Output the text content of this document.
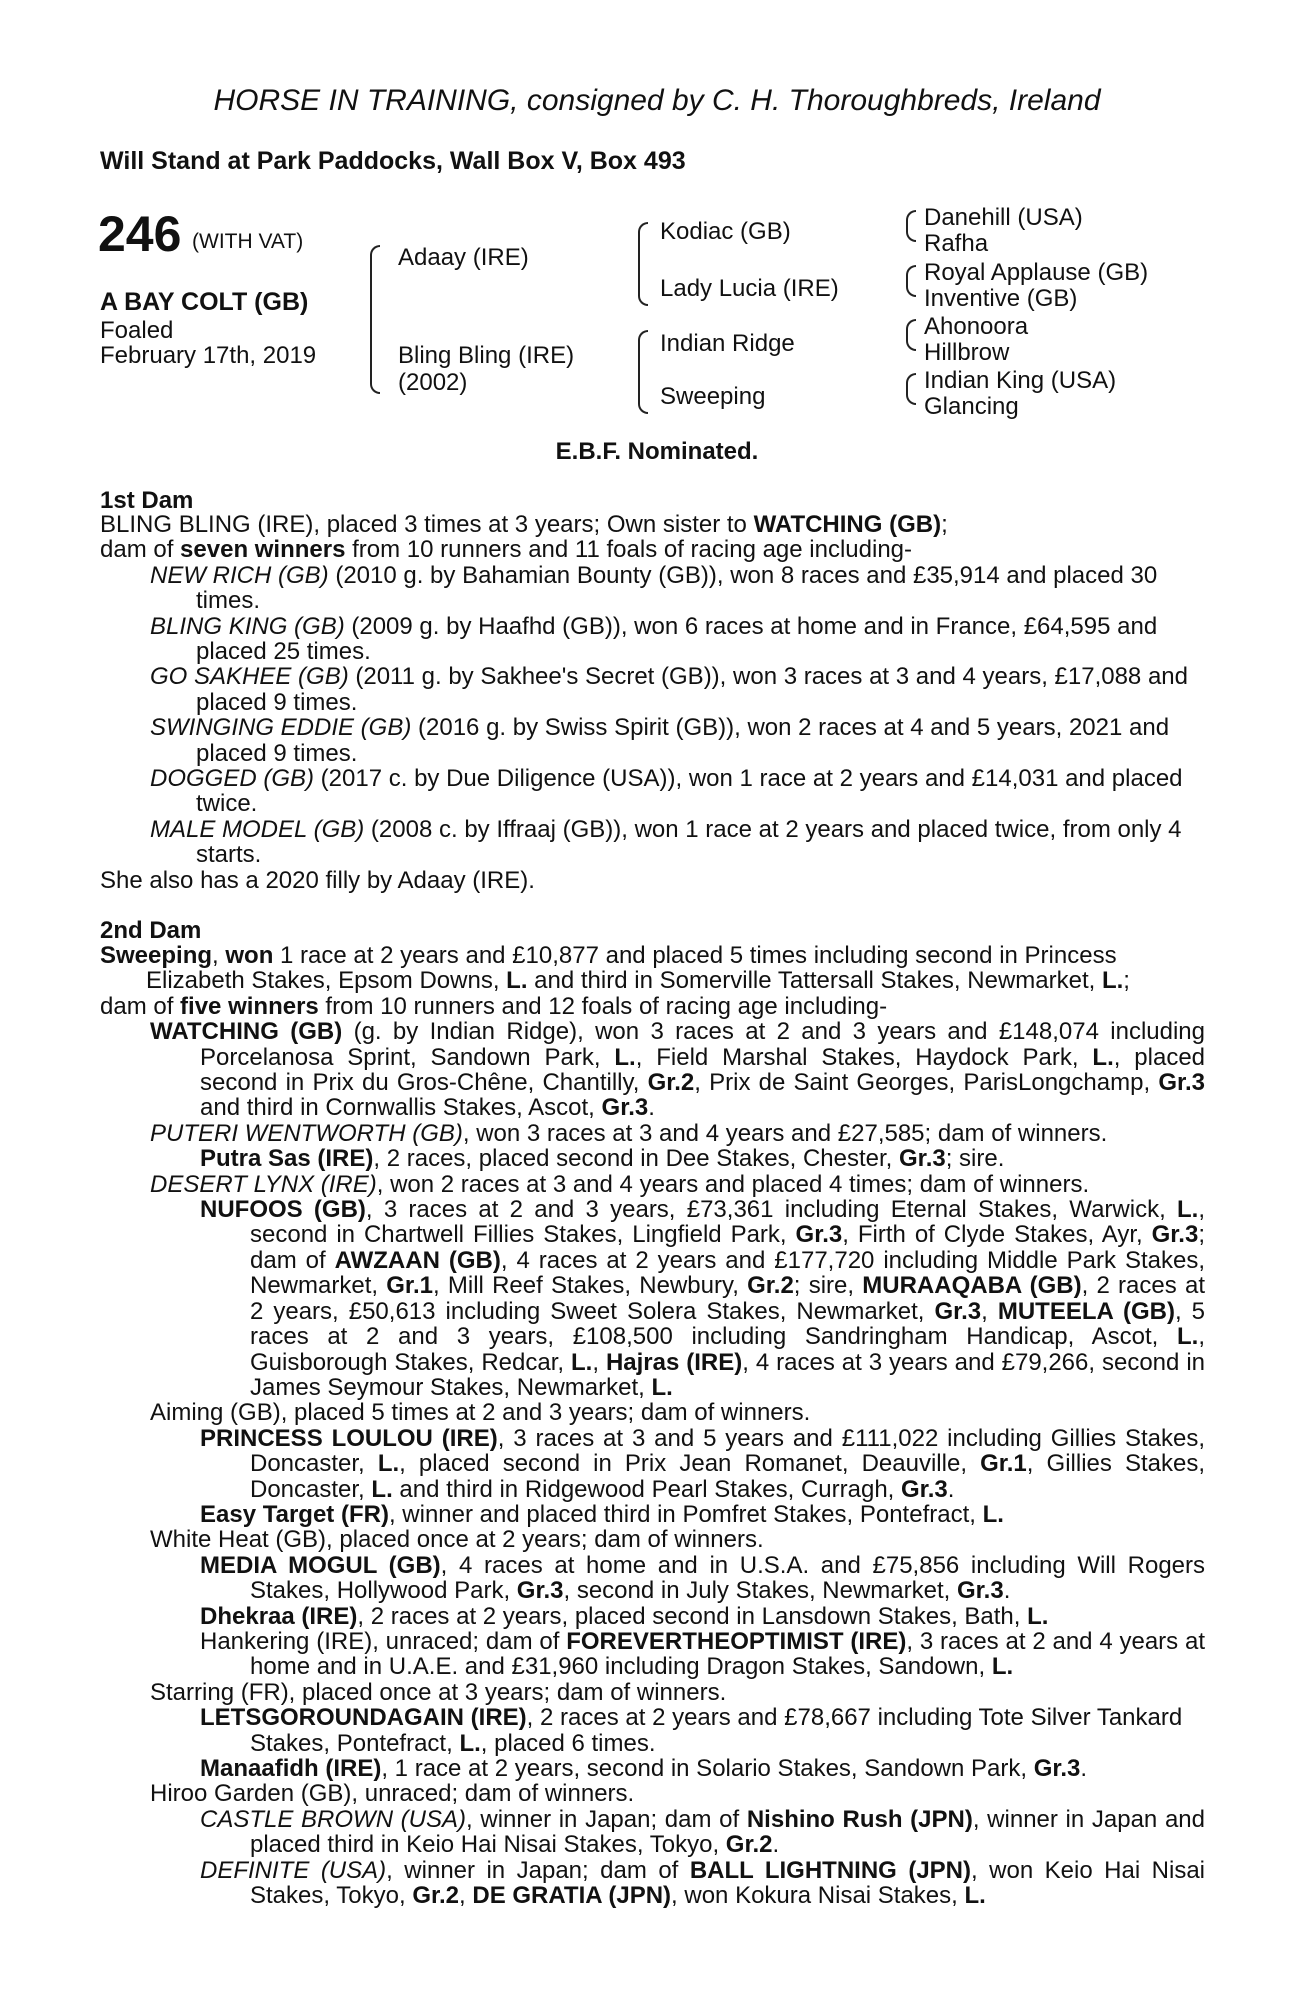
HORSE IN TRAINING, consigned by C. H. Thoroughbreds, Ireland
Will Stand at Park Paddocks, Wall Box V, Box 493
246 (WITH VAT)
A BAY COLT (GB)
Foaled
February 17th, 2019
Adaay (IRE)
Bling Bling (IRE)
(2002)
Kodiac (GB)
Lady Lucia (IRE)
Indian Ridge
Sweeping
Danehill (USA)
Rafha
Royal Applause (GB)
Inventive (GB)
Ahonoora
Hillbrow
Indian King (USA)
Glancing
E.B.F. Nominated.
1st Dam

BLING BLING (IRE), placed 3 times at 3 years; Own sister to WATCHING (GB);

dam of seven winners from 10 runners and 11 foals of racing age including-

NEW RICH (GB) (2010 g. by Bahamian Bounty (GB)), won 8 races and £35,914 and placed 30 times.

BLING KING (GB) (2009 g. by Haafhd (GB)), won 6 races at home and in France, £64,595 and placed 25 times.

GO SAKHEE (GB) (2011 g. by Sakhee's Secret (GB)), won 3 races at 3 and 4 years, £17,088 and placed 9 times.

SWINGING EDDIE (GB) (2016 g. by Swiss Spirit (GB)), won 2 races at 4 and 5 years, 2021 and placed 9 times.

DOGGED (GB) (2017 c. by Due Diligence (USA)), won 1 race at 2 years and £14,031 and placed twice.

MALE MODEL (GB) (2008 c. by Iffraaj (GB)), won 1 race at 2 years and placed twice, from only 4 starts.

She also has a 2020 filly by Adaay (IRE).

2nd Dam

Sweeping, won 1 race at 2 years and £10,877 and placed 5 times including second in Princess Elizabeth Stakes, Epsom Downs, L. and third in Somerville Tattersall Stakes, Newmarket, L.;

dam of five winners from 10 runners and 12 foals of racing age including-

WATCHING (GB) (g. by Indian Ridge), won 3 races at 2 and 3 years and £148,074 including Porcelanosa Sprint, Sandown Park, L., Field Marshal Stakes, Haydock Park, L., placed second in Prix du Gros-Chêne, Chantilly, Gr.2, Prix de Saint Georges, ParisLongchamp, Gr.3 and third in Cornwallis Stakes, Ascot, Gr.3.

PUTERI WENTWORTH (GB), won 3 races at 3 and 4 years and £27,585; dam of winners.

Putra Sas (IRE), 2 races, placed second in Dee Stakes, Chester, Gr.3; sire.

DESERT LYNX (IRE), won 2 races at 3 and 4 years and placed 4 times; dam of winners.

NUFOOS (GB), 3 races at 2 and 3 years, £73,361 including Eternal Stakes, Warwick, L., second in Chartwell Fillies Stakes, Lingfield Park, Gr.3, Firth of Clyde Stakes, Ayr, Gr.3; dam of AWZAAN (GB), 4 races at 2 years and £177,720 including Middle Park Stakes, Newmarket, Gr.1, Mill Reef Stakes, Newbury, Gr.2; sire, MURAAQABA (GB), 2 races at 2 years, £50,613 including Sweet Solera Stakes, Newmarket, Gr.3, MUTEELA (GB), 5 races at 2 and 3 years, £108,500 including Sandringham Handicap, Ascot, L., Guisborough Stakes, Redcar, L., Hajras (IRE), 4 races at 3 years and £79,266, second in James Seymour Stakes, Newmarket, L.

Aiming (GB), placed 5 times at 2 and 3 years; dam of winners.

PRINCESS LOULOU (IRE), 3 races at 3 and 5 years and £111,022 including Gillies Stakes, Doncaster, L., placed second in Prix Jean Romanet, Deauville, Gr.1, Gillies Stakes, Doncaster, L. and third in Ridgewood Pearl Stakes, Curragh, Gr.3.

Easy Target (FR), winner and placed third in Pomfret Stakes, Pontefract, L.

White Heat (GB), placed once at 2 years; dam of winners.

MEDIA MOGUL (GB), 4 races at home and in U.S.A. and £75,856 including Will Rogers Stakes, Hollywood Park, Gr.3, second in July Stakes, Newmarket, Gr.3.

Dhekraa (IRE), 2 races at 2 years, placed second in Lansdown Stakes, Bath, L.

Hankering (IRE), unraced; dam of FOREVERTHEOPTIMIST (IRE), 3 races at 2 and 4 years at home and in U.A.E. and £31,960 including Dragon Stakes, Sandown, L.

Starring (FR), placed once at 3 years; dam of winners.

LETSGOROUNDAGAIN (IRE), 2 races at 2 years and £78,667 including Tote Silver Tankard Stakes, Pontefract, L., placed 6 times.

Manaafidh (IRE), 1 race at 2 years, second in Solario Stakes, Sandown Park, Gr.3.

Hiroo Garden (GB), unraced; dam of winners.

CASTLE BROWN (USA), winner in Japan; dam of Nishino Rush (JPN), winner in Japan and placed third in Keio Hai Nisai Stakes, Tokyo, Gr.2.

DEFINITE (USA), winner in Japan; dam of BALL LIGHTNING (JPN), won Keio Hai Nisai Stakes, Tokyo, Gr.2, DE GRATIA (JPN), won Kokura Nisai Stakes, L.
